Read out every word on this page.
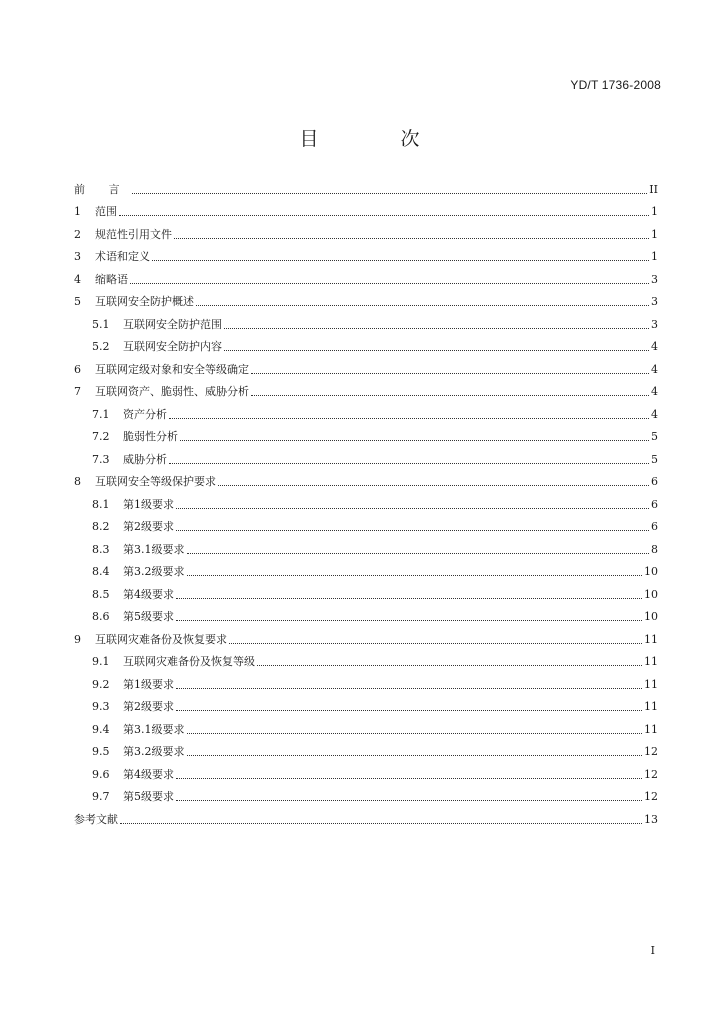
YD/T 1736-2008
目 次
前 言	II
1	范围	1
2	规范性引用文件	1
3	术语和定义	1
4	缩略语	3
5	互联网安全防护概述	3
5.1	互联网安全防护范围	3
5.2	互联网安全防护内容	4
6	互联网定级对象和安全等级确定	4
7	互联网资产、脆弱性、威胁分析	4
7.1	资产分析	4
7.2	脆弱性分析	5
7.3	威胁分析	5
8	互联网安全等级保护要求	6
8.1	第1级要求	6
8.2	第2级要求	6
8.3	第3.1级要求	8
8.4	第3.2级要求	10
8.5	第4级要求	10
8.6	第5级要求	10
9	互联网灾难备份及恢复要求	11
9.1	互联网灾难备份及恢复等级	11
9.2	第1级要求	11
9.3	第2级要求	11
9.4	第3.1级要求	11
9.5	第3.2级要求	12
9.6	第4级要求	12
9.7	第5级要求	12
参考文献	13
I
